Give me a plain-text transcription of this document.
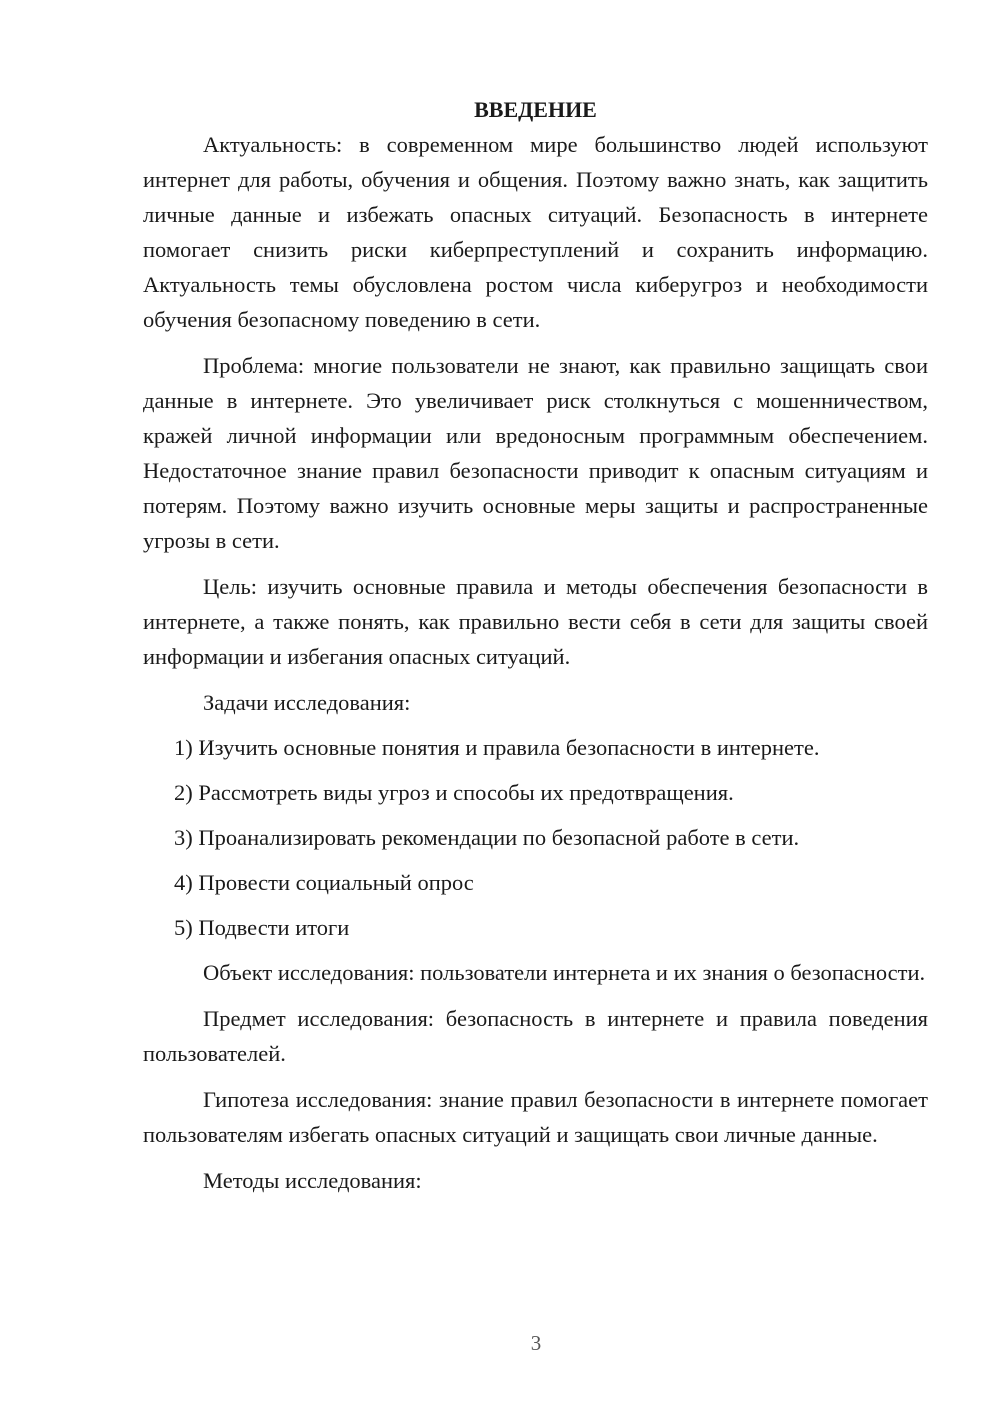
ВВЕДЕНИЕ

Актуальность: в современном мире большинство людей используют интернет для работы, обучения и общения. Поэтому важно знать, как защитить личные данные и избежать опасных ситуаций. Безопасность в интернете помогает снизить риски киберпреступлений и сохранить информацию. Актуальность темы обусловлена ростом числа киберугроз и необходимости обучения безопасному поведению в сети.

Проблема: многие пользователи не знают, как правильно защищать свои данные в интернете. Это увеличивает риск столкнуться с мошенничеством, кражей личной информации или вредоносным программным обеспечением. Недостаточное знание правил безопасности приводит к опасным ситуациям и потерям. Поэтому важно изучить основные меры защиты и распространенные угрозы в сети.

Цель: изучить основные правила и методы обеспечения безопасности в интернете, а также понять, как правильно вести себя в сети для защиты своей информации и избегания опасных ситуаций.

Задачи исследования:

1) Изучить основные понятия и правила безопасности в интернете.
2) Рассмотреть виды угроз и способы их предотвращения.
3) Проанализировать рекомендации по безопасной работе в сети.
4) Провести социальный опрос
5) Подвести итоги

Объект исследования: пользователи интернета и их знания о безопасности.

Предмет исследования: безопасность в интернете и правила поведения пользователей.

Гипотеза исследования: знание правил безопасности в интернете помогает пользователям избегать опасных ситуаций и защищать свои личные данные.

Методы исследования:

3
